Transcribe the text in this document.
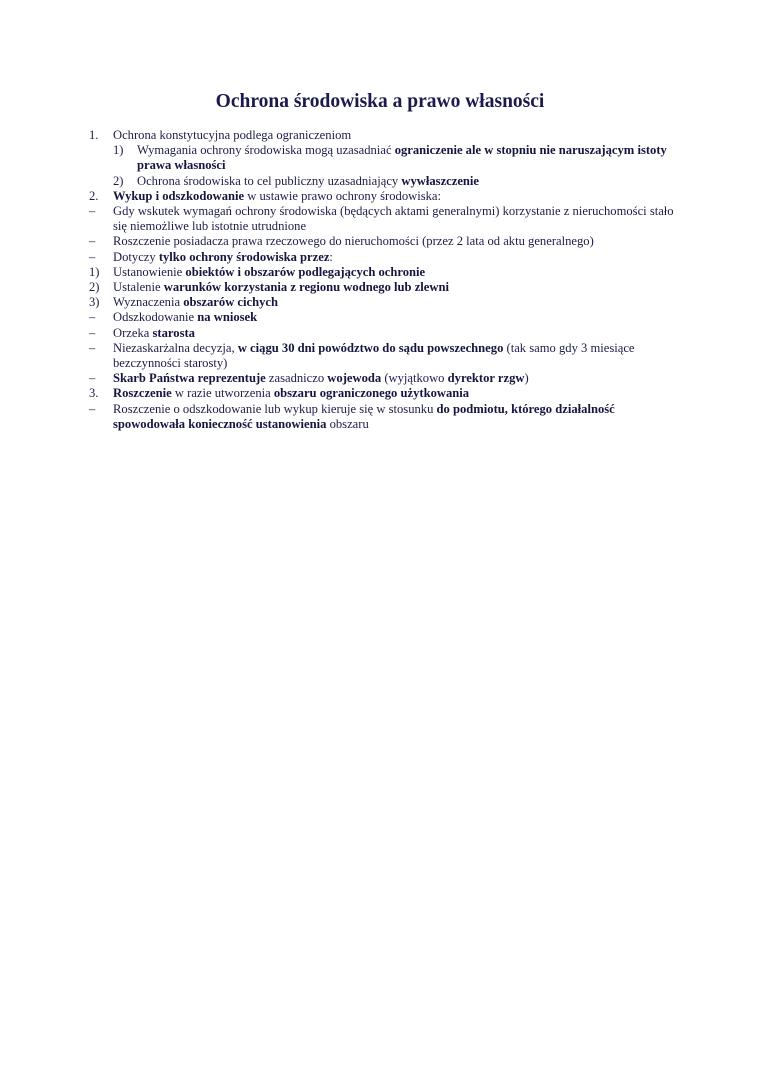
Ochrona środowiska a prawo własności
1.	Ochrona konstytucyjna podlega ograniczeniom
1)	Wymagania ochrony środowiska mogą uzasadniać ograniczenie ale w stopniu nie naruszającym istoty prawa własności
2)	Ochrona środowiska to cel publiczny uzasadniający wywłaszczenie
2.	Wykup i odszkodowanie w ustawie prawo ochrony środowiska:
–	Gdy wskutek wymagań ochrony środowiska (będących aktami generalnymi) korzystanie z nieruchomości stało się niemożliwe lub istotnie utrudnione
–	Roszczenie posiadacza prawa rzeczowego do nieruchomości (przez 2 lata od aktu generalnego)
–	Dotyczy tylko ochrony środowiska przez:
1)	Ustanowienie obiektów i obszarów podlegających ochronie
2)	Ustalenie warunków korzystania z regionu wodnego lub zlewni
3)	Wyznaczenia obszarów cichych
–	Odszkodowanie na wniosek
–	Orzeka starosta
–	Niezaskarżalna decyzja, w ciągu 30 dni powództwo do sądu powszechnego (tak samo gdy 3 miesiące bezczynności starosty)
–	Skarb Państwa reprezentuje zasadniczo wojewoda (wyjątkowo dyrektor rzgw)
3.	Roszczenie w razie utworzenia obszaru ograniczonego użytkowania
–	Roszczenie o odszkodowanie lub wykup kieruje się w stosunku do podmiotu, którego działalność spowodowała konieczność ustanowienia obszaru
